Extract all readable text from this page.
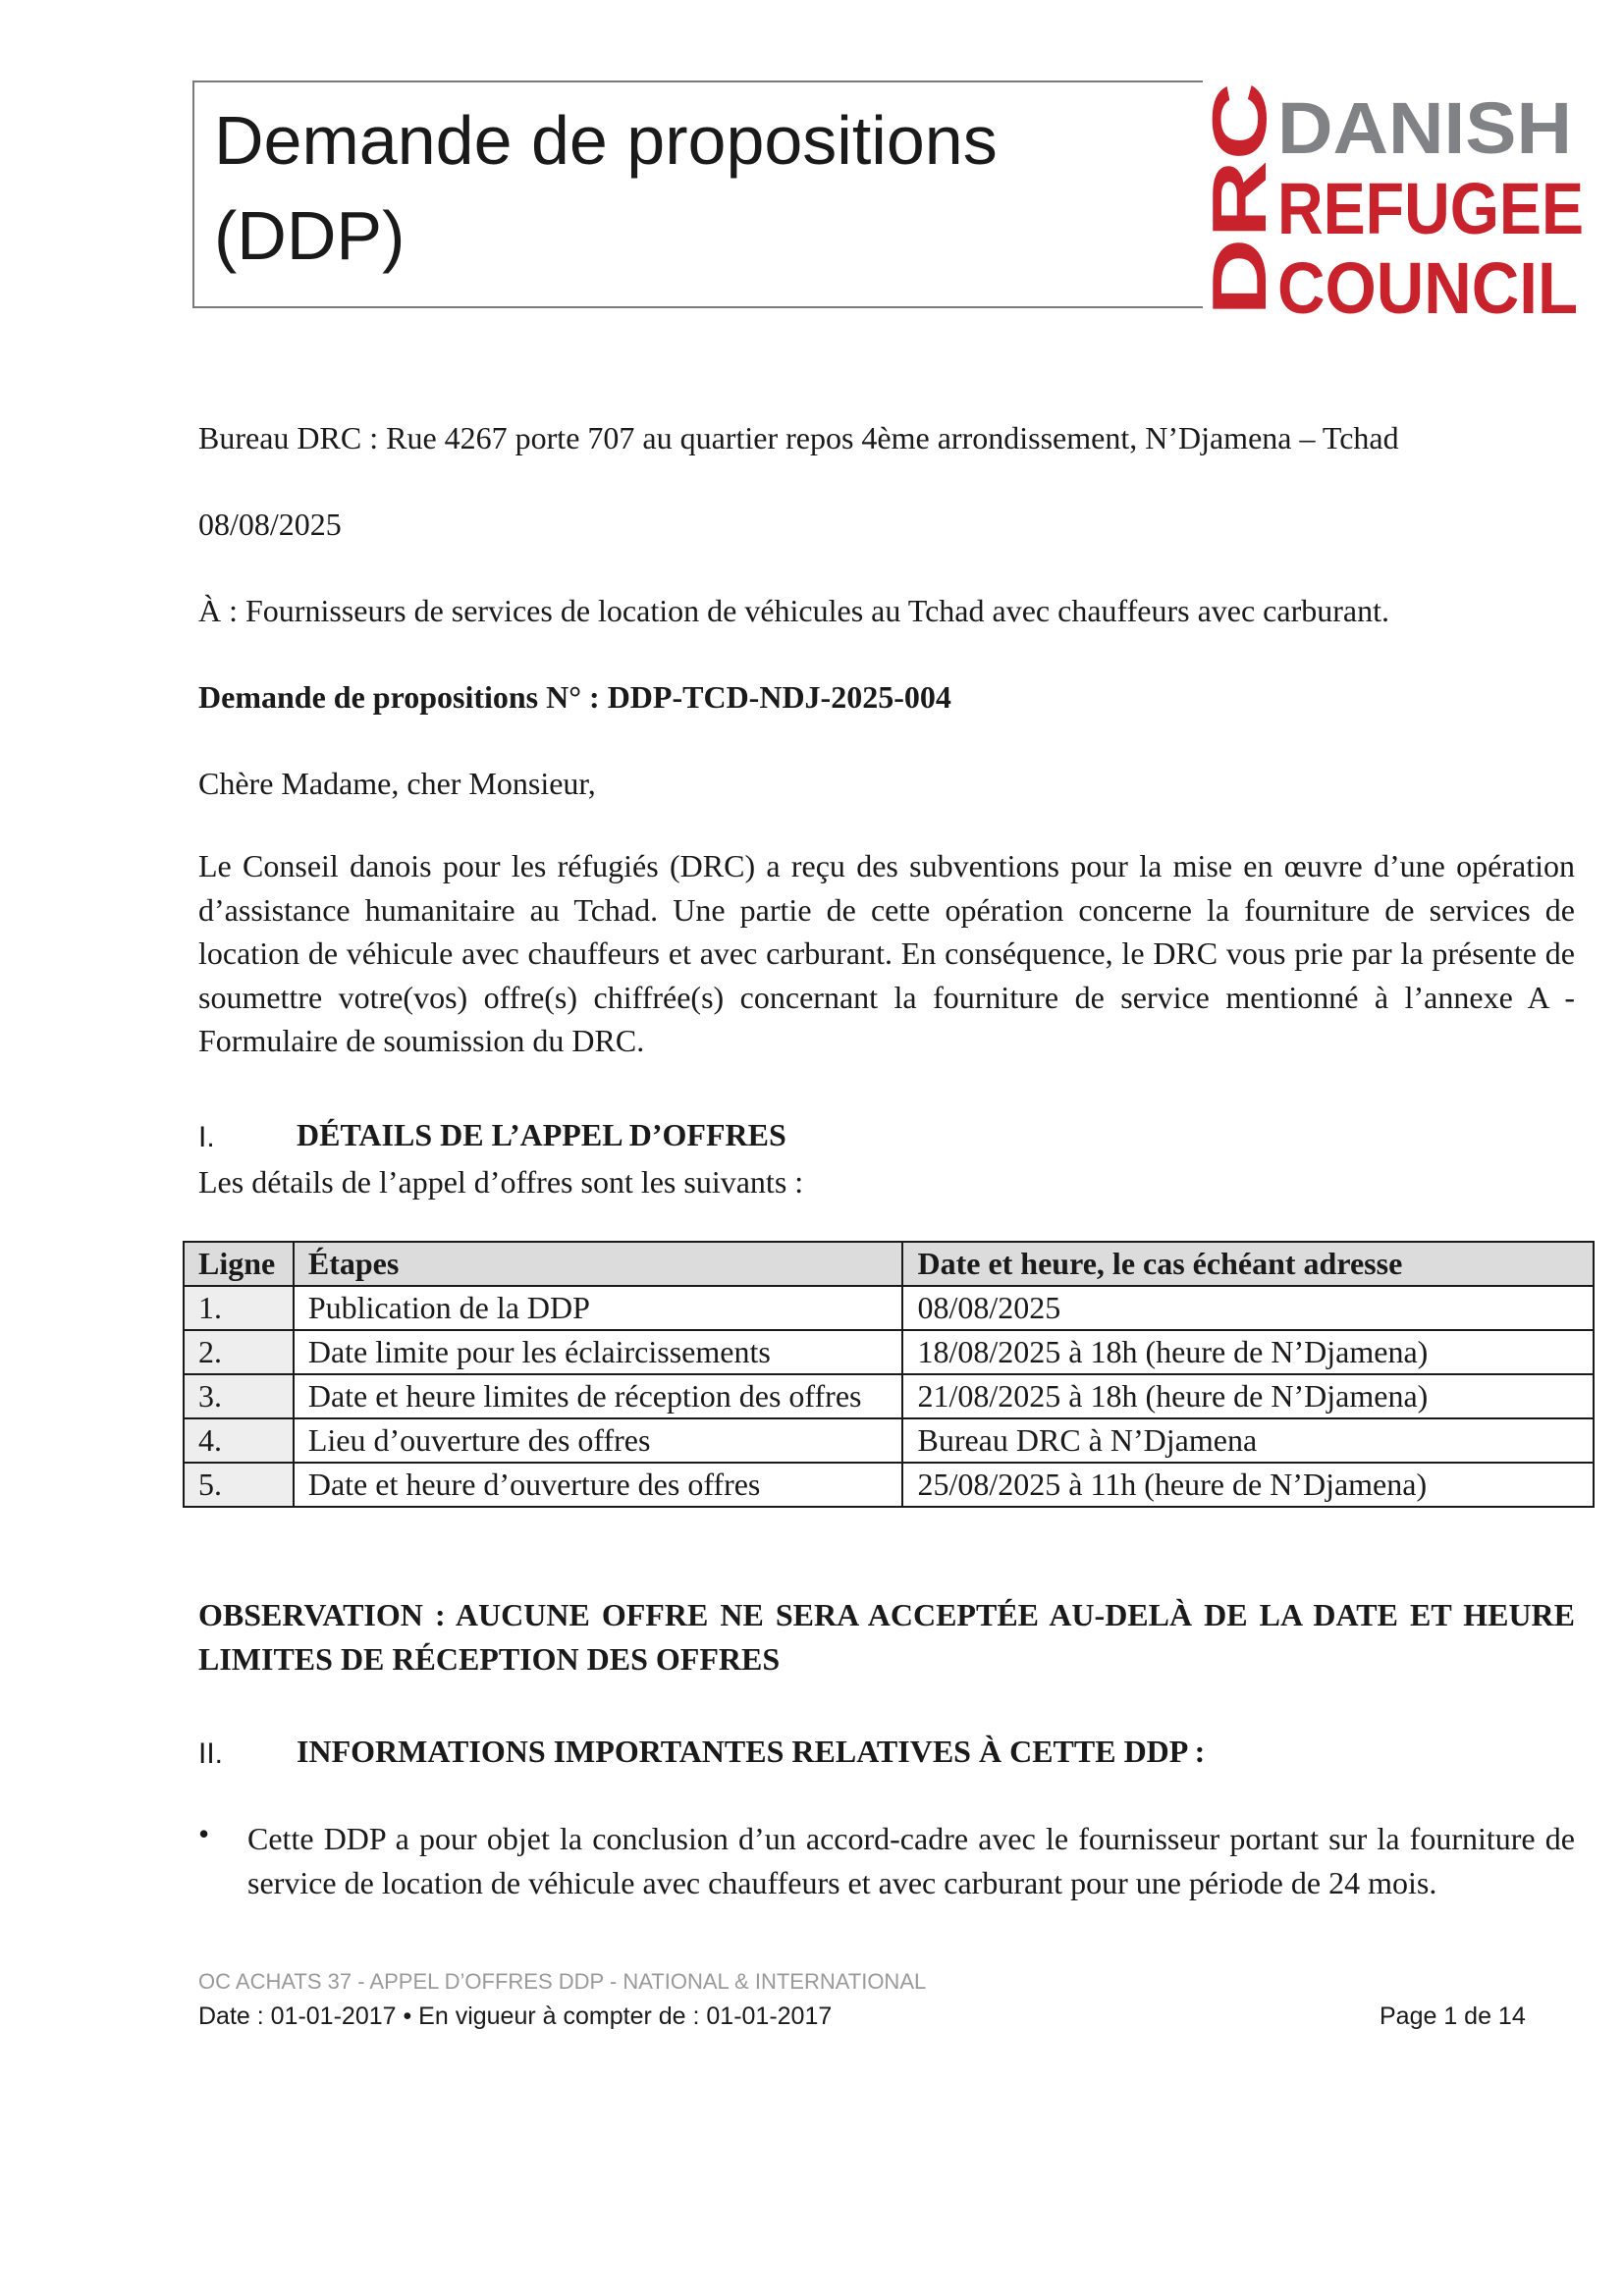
Demande de propositions
(DDP)	DRC
DANISH
REFUGEE
COUNCIL
Bureau DRC : Rue 4267 porte 707 au quartier repos 4ème arrondissement, N’Djamena – Tchad
08/08/2025
À : Fournisseurs de services de location de véhicules au Tchad avec chauffeurs avec carburant.
Demande de propositions N° : DDP-TCD-NDJ-2025-004
Chère Madame, cher Monsieur,
Le Conseil danois pour les réfugiés (DRC) a reçu des subventions pour la mise en œuvre d’une opération d’assistance humanitaire au Tchad. Une partie de cette opération concerne la fourniture de services de location de véhicule avec chauffeurs et avec carburant. En conséquence, le DRC vous prie par la présente de soumettre votre(vos) offre(s) chiffrée(s) concernant la fourniture de service mentionné à l’annexe A - Formulaire de soumission du DRC.
I.	DÉTAILS DE L’APPEL D’OFFRES
Les détails de l’appel d’offres sont les suivants :
Ligne	Étapes	Date et heure, le cas échéant adresse
1.	Publication de la DDP	08/08/2025
2.	Date limite pour les éclaircissements	18/08/2025 à 18h (heure de N’Djamena)
3.	Date et heure limites de réception des offres	21/08/2025 à 18h (heure de N’Djamena)
4.	Lieu d’ouverture des offres	Bureau DRC à N’Djamena
5.	Date et heure d’ouverture des offres	25/08/2025 à 11h (heure de N’Djamena)
OBSERVATION : AUCUNE OFFRE NE SERA ACCEPTÉE AU-DELÀ DE LA DATE ET HEURE LIMITES DE RÉCEPTION DES OFFRES
II. INFORMATIONS IMPORTANTES RELATIVES À CETTE DDP :
• Cette DDP a pour objet la conclusion d’un accord-cadre avec le fournisseur portant sur la fourniture de service de location de véhicule avec chauffeurs et avec carburant pour une période de 24 mois.
OC ACHATS 37 - APPEL D’OFFRES DDP - NATIONAL & INTERNATIONAL
Date : 01-01-2017 • En vigueur à compter de : 01-01-2017	Page 1 de 14
